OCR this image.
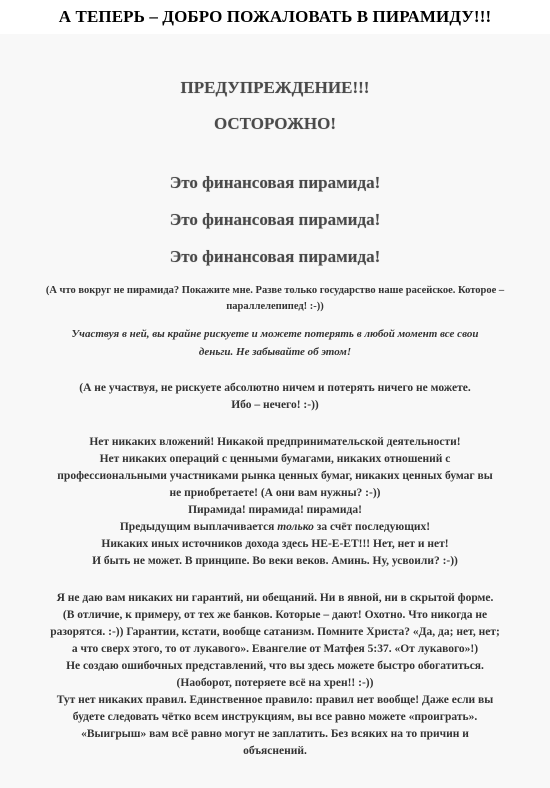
А ТЕПЕРЬ – ДОБРО ПОЖАЛОВАТЬ В ПИРАМИДУ!!!

ПРЕДУПРЕЖДЕНИЕ!!!

ОСТОРОЖНО!

Это финансовая пирамида!
Это финансовая пирамида!
Это финансовая пирамида!
(А что вокруг не пирамида? Покажите мне. Разве только государство наше расейское. Которое –
параллелепипед! :-))
Участвуя в ней, вы крайне рискуете и можете потерять в любой момент все свои
деньги. Не забывайте об этом!
(А не участвуя, не рискуете абсолютно ничем и потерять ничего не можете.
Ибо – нечего! :-))
Нет никаких вложений! Никакой предпринимательской деятельности!
Нет никаких операций с ценными бумагами, никаких отношений с
профессиональными участниками рынка ценных бумаг, никаких ценных бумаг вы
не приобретаете! (А они вам нужны? :-))
Пирамида! пирамида! пирамида!
Предыдущим выплачивается только за счёт последующих!
Никаких иных источников дохода здесь НЕ-Е-ЕТ!!! Нет, нет и нет!
И быть не может. В принципе. Во веки веков. Аминь. Ну, усвоили? :-))
Я не даю вам никаких ни гарантий, ни обещаний. Ни в явной, ни в скрытой форме.
(В отличие, к примеру, от тех же банков. Которые – дают! Охотно. Что никогда не
разорятся. :-)) Гарантии, кстати, вообще сатанизм. Помните Христа? «Да, да; нет, нет;
а что сверх этого, то от лукавого». Евангелие от Матфея 5:37. «От лукавого»!)
Не создаю ошибочных представлений, что вы здесь можете быстро обогатиться.
(Наоборот, потеряете всё на хрен!! :-))
Тут нет никаких правил. Единственное правило: правил нет вообще! Даже если вы
будете следовать чётко всем инструкциям, вы все равно можете «проиграть».
«Выигрыш» вам всё равно могут не заплатить. Без всяких на то причин и
объяснений.
